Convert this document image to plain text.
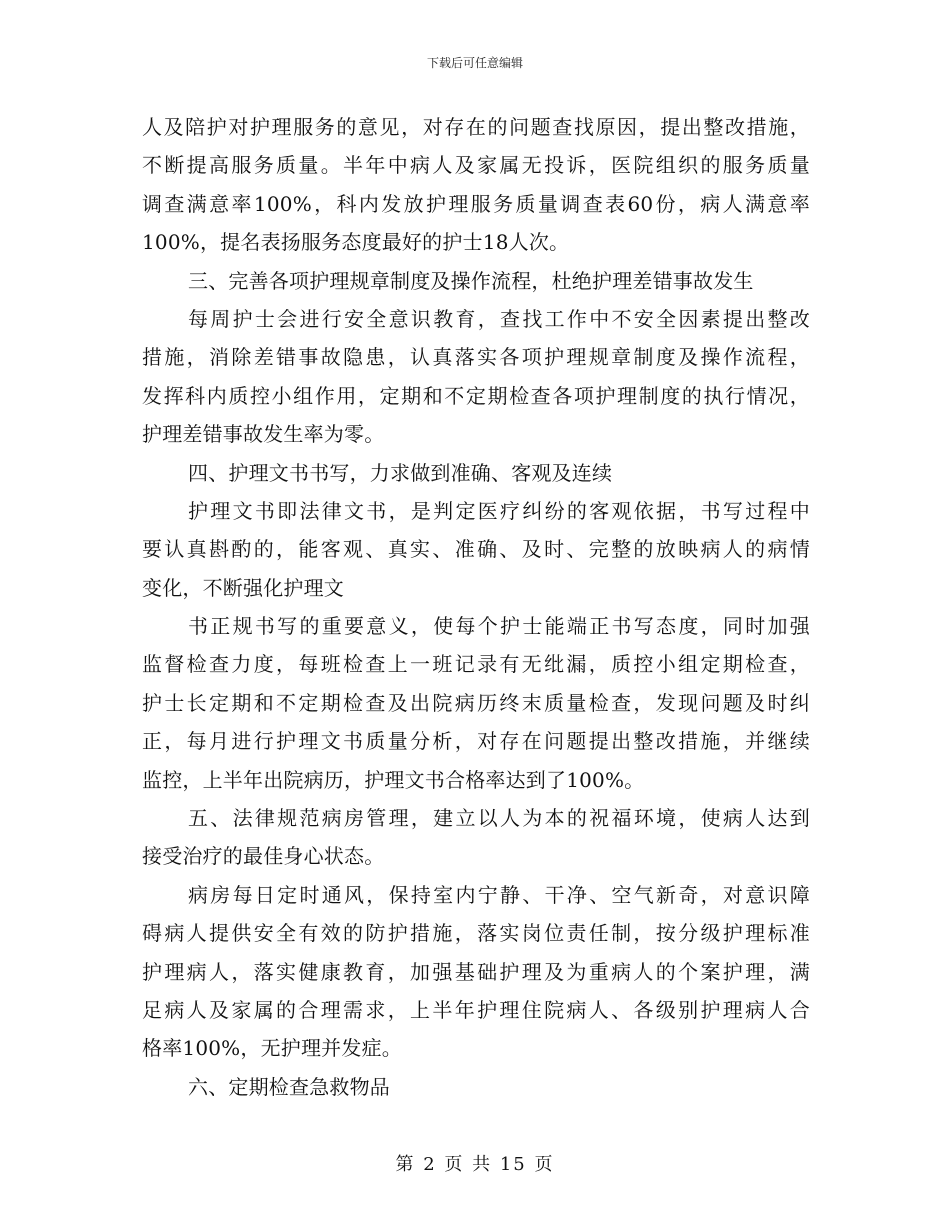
下载后可任意编辑
人及陪护对护理服务的意见，对存在的问题查找原因，提出整改措施，
不断提高服务质量。半年中病人及家属无投诉，医院组织的服务质量
调查满意率100%，科内发放护理服务质量调查表60份，病人满意率
100%，提名表扬服务态度最好的护士18人次。
三、完善各项护理规章制度及操作流程，杜绝护理差错事故发生
每周护士会进行安全意识教育，查找工作中不安全因素提出整改
措施，消除差错事故隐患，认真落实各项护理规章制度及操作流程，
发挥科内质控小组作用，定期和不定期检查各项护理制度的执行情况，
护理差错事故发生率为零。
四、护理文书书写，力求做到准确、客观及连续
护理文书即法律文书，是判定医疗纠纷的客观依据，书写过程中
要认真斟酌的，能客观、真实、准确、及时、完整的放映病人的病情
变化，不断强化护理文
书正规书写的重要意义，使每个护士能端正书写态度，同时加强
监督检查力度，每班检查上一班记录有无纰漏，质控小组定期检查，
护士长定期和不定期检查及出院病历终末质量检查，发现问题及时纠
正，每月进行护理文书质量分析，对存在问题提出整改措施，并继续
监控，上半年出院病历，护理文书合格率达到了100%。
五、法律规范病房管理，建立以人为本的祝福环境，使病人达到
接受治疗的最佳身心状态。
病房每日定时通风，保持室内宁静、干净、空气新奇，对意识障
碍病人提供安全有效的防护措施，落实岗位责任制，按分级护理标准
护理病人，落实健康教育，加强基础护理及为重病人的个案护理，满
足病人及家属的合理需求，上半年护理住院病人、各级别护理病人合
格率100%，无护理并发症。
六、定期检查急救物品
第 2 页 共 15 页
